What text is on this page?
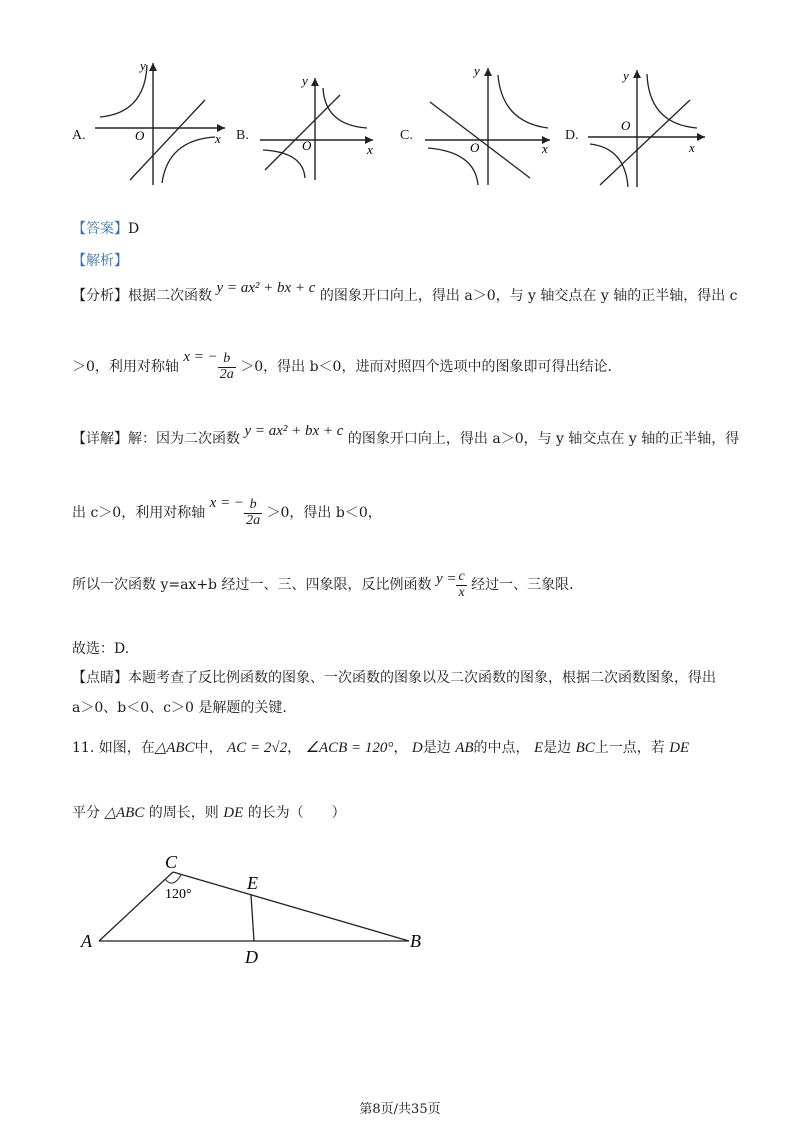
A.	x
y
O	B.
x
y
O
C.
x
y
O
D.
x
y
O
【答案】D
【解析】
【分析】根据二次函数 y = ax² + bx + c 的图象开口向上，得出 a＞0，与 y 轴交点在 y 轴的正半轴，得出 c
＞0，利用对称轴 x = − $\frac{b}{2a} >0$，得出 b＜0，进而对照四个选项中的图象即可得出结论.
【详解】解：因为二次函数 y = ax² + bx + c 的图象开口向上，得出 a＞0，与 y 轴交点在 y 轴的正半轴，得
出 c＞0，利用对称轴 x = − $\frac{b}{2a} >0$，得出 b＜0，
所以一次函数 y=ax+b 经过一、三、四象限，反比例函数 $y = \frac{c}{x}$ 经过一、三象限.
故选：D.
【点睛】本题考查了反比例函数的图象、一次函数的图象以及二次函数的图象，根据二次函数图象，得出
a＞0、b＜0、c＞0 是解题的关键.
11. 如图，在△ABC中， AC = 2√2， ∠ACB = 120°， D是边 AB的中点， E是边 BC上一点，若 DE
平分 △ABC 的周长，则 DE 的长为（　　）
C
A	B
E
D
120°
第8页/共35页
